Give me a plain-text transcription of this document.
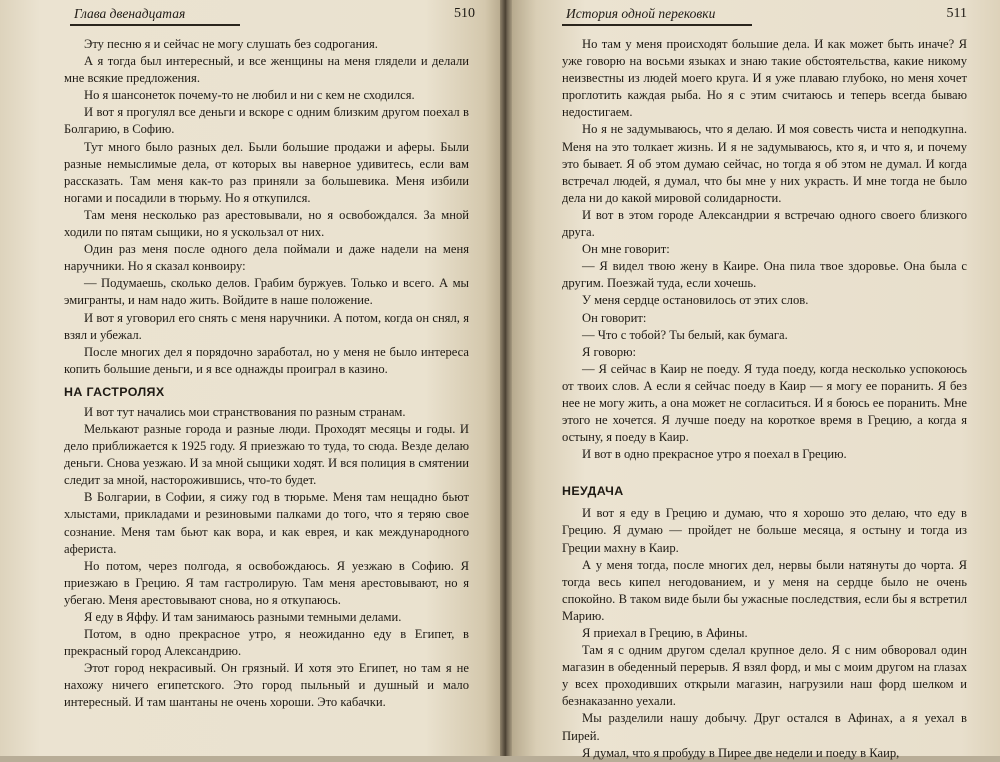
Глава двенадцатая	510

Эту песню я и сейчас не могу слушать без содрогания.

А я тогда был интересный, и все женщины на меня глядели и делали мне всякие предложения.

Но я шансонеток почему-то не любил и ни с кем не сходился.

И вот я прогулял все деньги и вскоре с одним близким другом поехал в Болгарию, в Софию.

Тут много было разных дел. Были большие продажи и аферы. Были разные немыслимые дела, от которых вы наверное удивитесь, если вам рассказать. Там меня как-то раз приняли за большевика. Меня избили ногами и посадили в тюрьму. Но я откупился.

Там меня несколько раз арестовывали, но я освобождался. За мной ходили по пятам сыщики, но я ускользал от них.

Один раз меня после одного дела поймали и даже надели на меня наручники. Но я сказал конвоиру:

— Подумаешь, сколько делов. Грабим буржуев. Только и всего. А мы эмигранты, и нам надо жить. Войдите в наше положение.

И вот я уговорил его снять с меня наручники. А потом, когда он снял, я взял и убежал.

После многих дел я порядочно заработал, но у меня не было интереса копить большие деньги, и я все однажды проиграл в казино.

НА ГАСТРОЛЯХ

И вот тут начались мои странствования по разным странам.

Мелькают разные города и разные люди. Проходят месяцы и годы. И дело приближается к 1925 году. Я приезжаю то туда, то сюда. Везде делаю деньги. Снова уезжаю. И за мной сыщики ходят. И вся полиция в смятении следит за мной, насторожившись, что-то будет.

В Болгарии, в Софии, я сижу год в тюрьме. Меня там нещадно бьют хлыстами, прикладами и резиновыми палками до того, что я теряю свое сознание. Меня там бьют как вора, и как еврея, и как международного афериста.

Но потом, через полгода, я освобождаюсь. Я уезжаю в Софию. Я приезжаю в Грецию. Я там гастролирую. Там меня арестовывают, но я убегаю. Меня арестовывают снова, но я откупаюсь.

Я еду в Яффу. И там занимаюсь разными темными делами.

Потом, в одно прекрасное утро, я неожиданно еду в Египет, в прекрасный город Александрию.

Этот город некрасивый. Он грязный. И хотя это Египет, но там я не нахожу ничего египетского. Это город пыльный и душный и мало интересный. И там шантаны не очень хороши. Это кабачки.

История одной перековки	511

Но там у меня происходят большие дела. И как может быть иначе? Я уже говорю на восьми языках и знаю такие обстоятельства, какие никому неизвестны из людей моего круга. И я уже плаваю глубоко, но меня хочет проглотить каждая рыба. Но я с этим считаюсь и теперь всегда бываю недостигаем.

Но я не задумываюсь, что я делаю. И моя совесть чиста и неподкупна. Меня на это толкает жизнь. И я не задумываюсь, кто я, и что я, и почему это бывает. Я об этом думаю сейчас, но тогда я об этом не думал. И когда встречал людей, я думал, что бы мне у них украсть. И мне тогда не было дела ни до какой мировой солидарности.

И вот в этом городе Александрии я встречаю одного своего близкого друга.

Он мне говорит:

— Я видел твою жену в Каире. Она пила твое здоровье. Она была с другим. Поезжай туда, если хочешь.

У меня сердце остановилось от этих слов.

Он говорит:

— Что с тобой? Ты белый, как бумага.

Я говорю:

— Я сейчас в Каир не поеду. Я туда поеду, когда несколько успокоюсь от твоих слов. А если я сейчас поеду в Каир — я могу ее поранить. Я без нее не могу жить, а она может не согласиться. И я боюсь ее поранить. Мне этого не хочется. Я лучше поеду на короткое время в Грецию, а когда я остыну, я поеду в Каир.

И вот в одно прекрасное утро я поехал в Грецию.

НЕУДАЧА

И вот я еду в Грецию и думаю, что я хорошо это делаю, что еду в Грецию. Я думаю — пройдет не больше месяца, я остыну и тогда из Греции махну в Каир.

А у меня тогда, после многих дел, нервы были натянуты до чорта. Я тогда весь кипел негодованием, и у меня на сердце было не очень спокойно. В таком виде были бы ужасные последствия, если бы я встретил Марию.

Я приехал в Грецию, в Афины.

Там я с одним другом сделал крупное дело. Я с ним обворовал один магазин в обеденный перерыв. Я взял форд, и мы с моим другом на глазах у всех проходивших открыли магазин, нагрузили наш форд шелком и безнаказанно уехали.

Мы разделили нашу добычу. Друг остался в Афинах, а я уехал в Пирей.

Я думал, что я пробуду в Пирее две недели и поеду в Каир,
